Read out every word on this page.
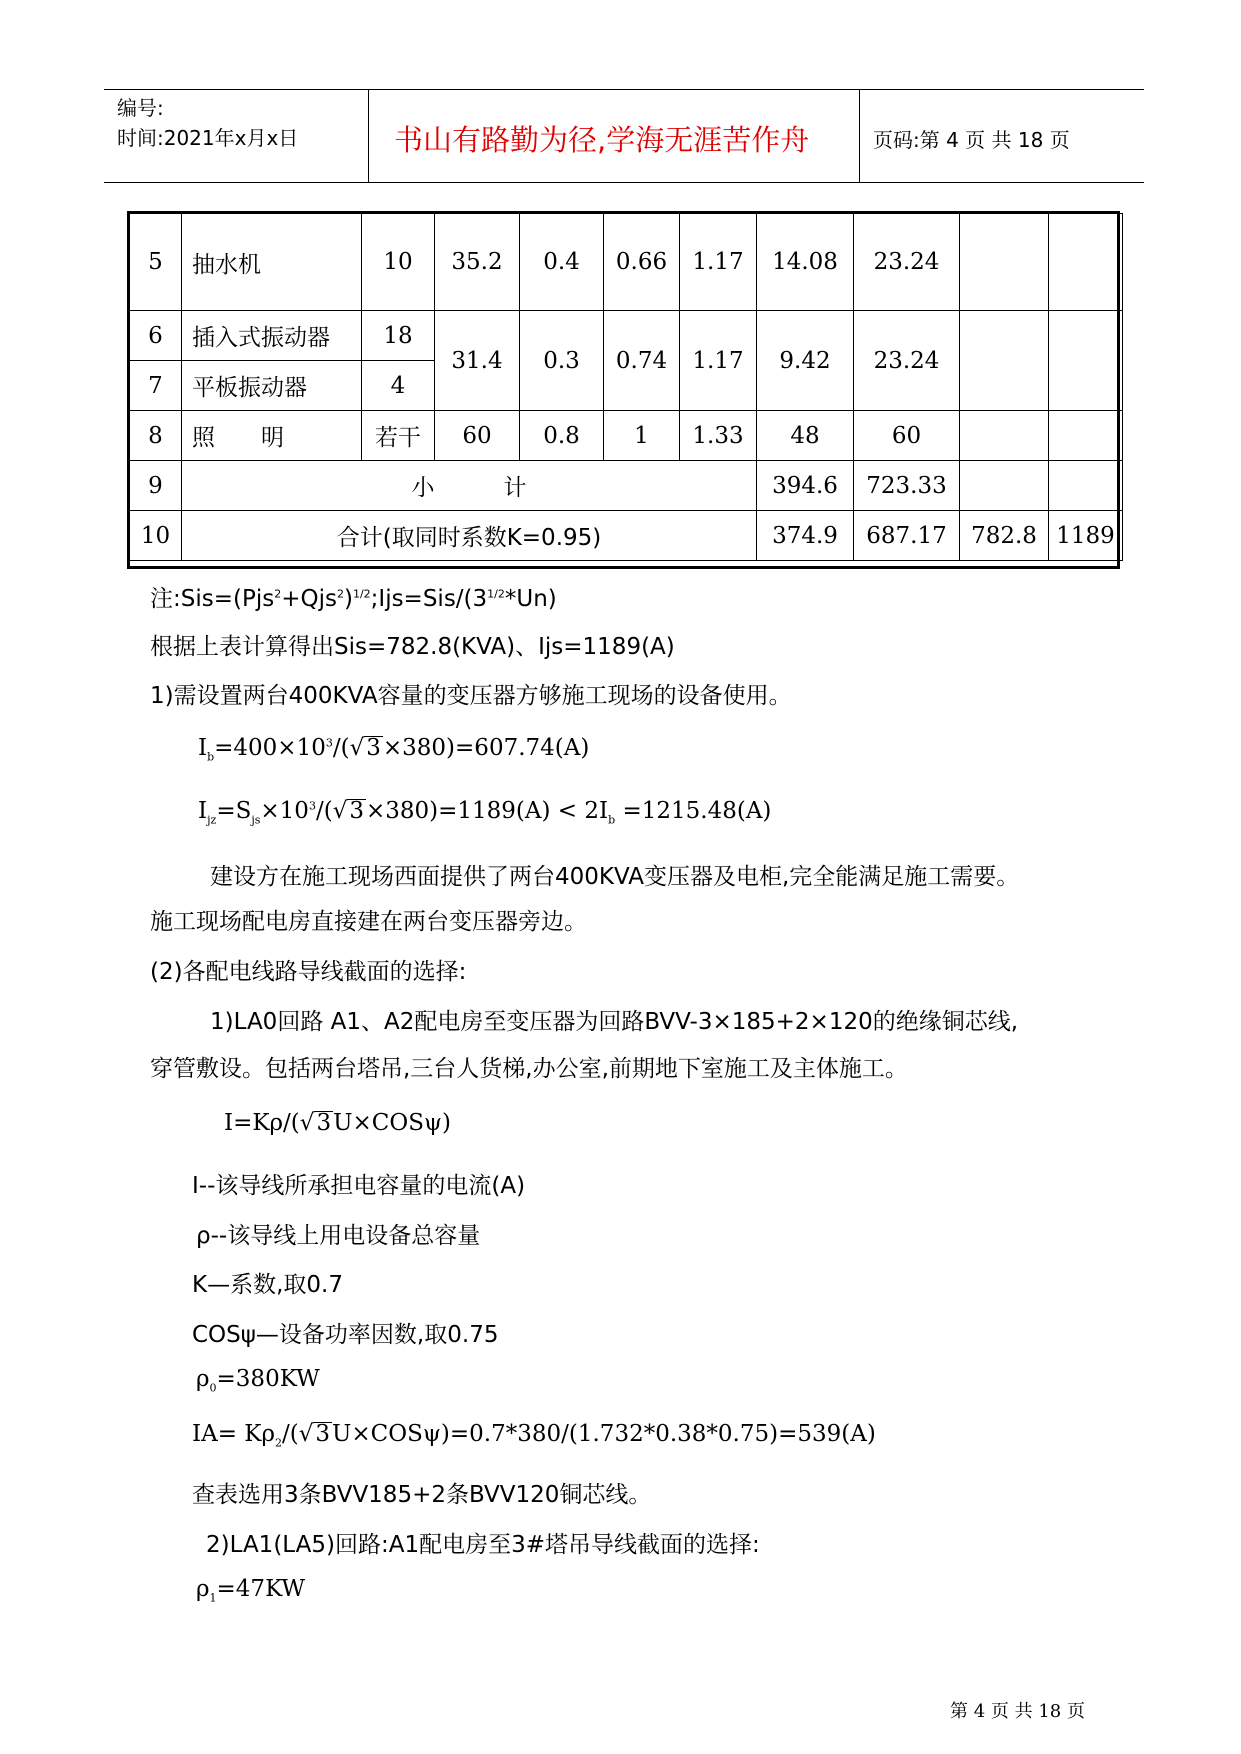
编号:
时间:2021年x月x日	书山有路勤为径,学海无涯苦作舟	页码:第 4 页 共 18 页
5	抽水机	10	35.2	0.4	0.66	1.17	14.08	23.24		
6	插入式振动器	18	31.4	0.3	0.74	1.17	9.42	23.24		
7	平板振动器	4								
8	照　　明	若干	60	0.8	1	1.33	48	60		
9	小　　　计						394.6	723.33		
10	合计(取同时系数K=0.95)						374.9	687.17	782.8	1189
注$:Sis=(Pjs^2+Qjs^2)^{1/2};Ijs=Sis/(3^{1/2}*Un)$
根据上表计算得出Sis=782.8(KVA)、Ijs=1189(A)
1)需设置两台400KVA容量的变压器方够施工现场的设备使用。
$I_b=400\times 10^3/(√3\times 380)=607.74(A)$
$I_{jz}=S_{js}\times 10^3/(√3\times 380)=1189(A) < 2I_b =1215.48(A)$
建设方在施工现场西面提供了两台400KVA变压器及电柜,完全能满足施工需要。
施工现场配电房直接建在两台变压器旁边。
(2)各配电线路导线截面的选择:
1)LA0回路 A1、A2配电房至变压器为回路BVV-3×185+2×120的绝缘铜芯线,
穿管敷设。包括两台塔吊,三台人货梯,办公室,前期地下室施工及主体施工。
I=Kρ/(√3U×COSψ)
I--该导线所承担电容量的电流(A)
ρ--该导线上用电设备总容量
K—系数,取0.7
COSψ—设备功率因数,取0.75
$\rho_0=380KW$
$IA= K\rho_2/(√3U\times COS\psi)=0.7*380/(1.732*0.38*0.75)=539(A)$
查表选用3条BVV185+2条BVV120铜芯线。
2)LA1(LA5)回路:A1配电房至3#塔吊导线截面的选择:
$\rho_1=47KW$
第 4 页 共 18 页
